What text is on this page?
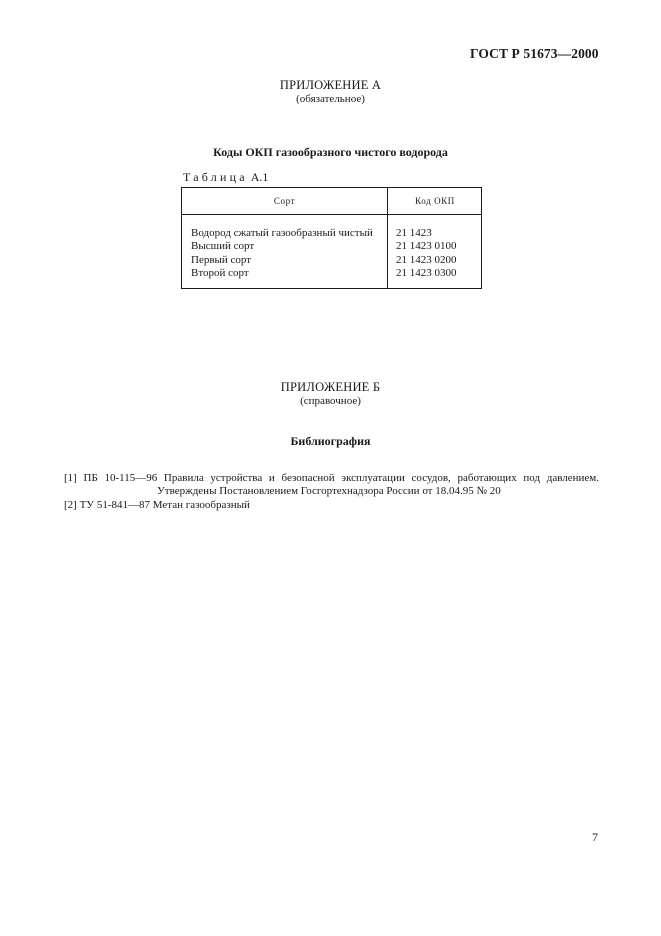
ГОСТ Р 51673—2000
ПРИЛОЖЕНИЕ А
(обязательное)
Коды ОКП газообразного чистого водорода
Таблица А.1
Сорт	Код ОКП
Водород сжатый газообразный чистый
Высший сорт
Первый сорт
Второй сорт
21 1423
21 1423 0100
21 1423 0200
21 1423 0300
ПРИЛОЖЕНИЕ Б
(справочное)
Библиография
[1] ПБ 10-115—96 Правила устройства и безопасной эксплуатации сосудов, работающих под давлением.
Утверждены Постановлением Госгортехнадзора России от 18.04.95 № 20
[2] ТУ 51-841—87 Метан газообразный
7
